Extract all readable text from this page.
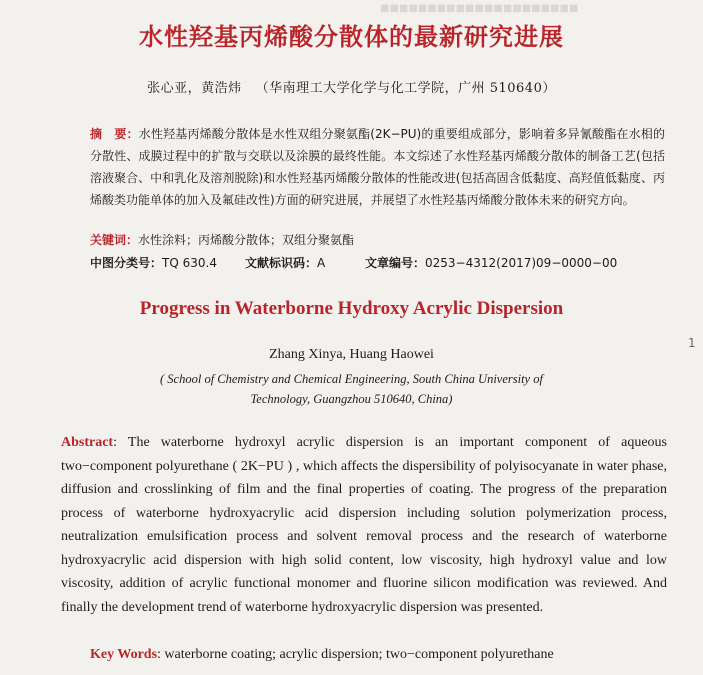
■■■■■■■■■■■■■■■■■■■■■
水性羟基丙烯酸分散体的最新研究进展
张心亚，黄浩炜 （华南理工大学化学与化工学院，广州 510640）
摘　要：水性羟基丙烯酸分散体是水性双组分聚氨酯(2K−PU)的重要组成部分，影响着多异氰酸酯在水相的分散性、成膜过程中的扩散与交联以及涂膜的最终性能。本文综述了水性羟基丙烯酸分散体的制备工艺(包括溶液聚合、中和乳化及溶剂脱除)和水性羟基丙烯酸分散体的性能改进(包括高固含低黏度、高羟值低黏度、丙烯酸类功能单体的加入及氟硅改性)方面的研究进展，并展望了水性羟基丙烯酸分散体未来的研究方向。
关键词：水性涂料；丙烯酸分散体；双组分聚氨酯
中图分类号：TQ 630.4	文献标识码：A	文章编号：0253−4312(2017)09−0000−00
Progress in Waterborne Hydroxy Acrylic Dispersion
Zhang Xinya, Huang Haowei
( School of Chemistry and Chemical Engineering, South China University of
Technology, Guangzhou 510640, China)
Abstract: The waterborne hydroxyl acrylic dispersion is an important component of aqueous two−component polyurethane ( 2K−PU ) , which affects the dispersibility of polyisocyanate in water phase, diffusion and crosslinking of film and the final properties of coating. The progress of the preparation process of waterborne hydroxyacrylic acid dispersion including solution polymerization process, neutralization emulsification process and solvent removal process and the research of waterborne hydroxyacrylic acid dispersion with high solid content, low viscosity, high hydroxyl value and low viscosity, addition of acrylic functional monomer and fluorine silicon modification was reviewed. And finally the development trend of waterborne hydroxyacrylic dispersion was presented.
Key Words: waterborne coating; acrylic dispersion; two−component polyurethane
1
